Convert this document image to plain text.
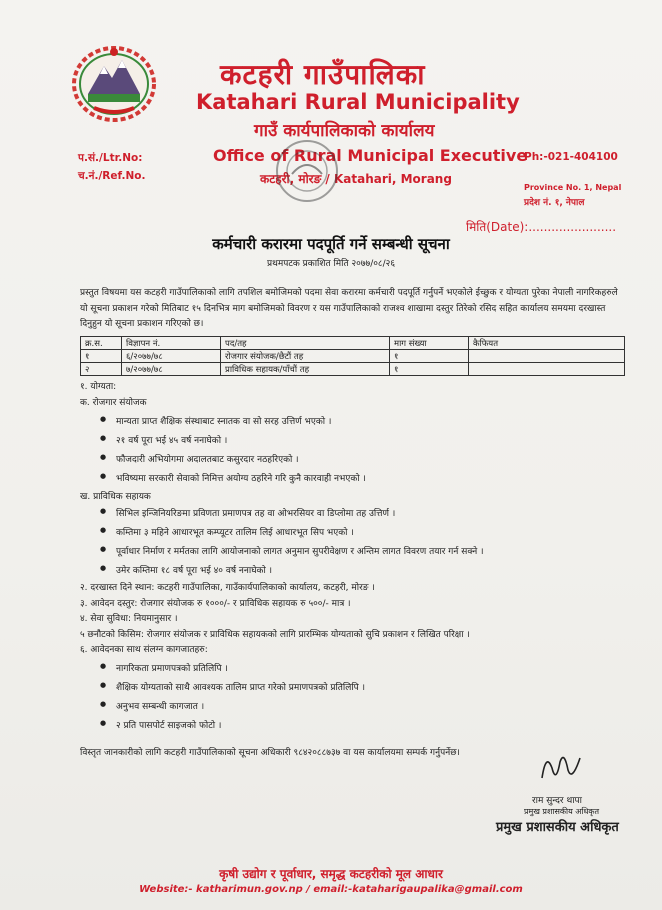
कटहरी गाउँपालिका
Katahari Rural Municipality
गाउँ कार्यपालिकाको कार्यालय
Office of Rural Municipal Executive
कटहरी, मोरङ / Katahari, Morang
प.सं./Ltr.No:
च.नं./Ref.No.
Ph:-021-404100
Province No. 1, Nepal
प्रदेश नं. १, नेपाल
मिति(Date):.......................
कर्मचारी करारमा पदपूर्ति गर्ने सम्बन्धी सूचना
प्रथमपटक प्रकाशित मिति २०७७/०८/२६
प्रस्तुत विषयमा यस कटहरी गाउँपालिकाको लागि तपशिल बमोजिमको पदमा सेवा करारमा कर्मचारी पदपूर्ति गर्नुपर्ने भएकोले ईच्छुक र योग्यता पुरेका नेपाली नागरिकहरुले यो सूचना प्रकाशन गरेको मितिबाट १५ दिनभित्र माग बमोजिमको विवरण र यस गाउँपालिकाको राजश्व शाखामा दस्तुर तिरेको रसिद सहित कार्यालय समयमा दरखास्त दिनुहुन यो सूचना प्रकाशन गरिएको छ।
क्र.स.	विज्ञापन नं.	पद/तह	माग संख्या	कैफियत
१	६/२०७७/७८	रोजगार संयोजक/छैटौं तह	१	
२	७/२०७७/७८	प्राविधिक सहायक/पाँचौं तह	१	
१. योग्यता:
क. रोजगार संयोजक
● मान्यता प्राप्त शैक्षिक संस्थाबाट स्नातक वा सो सरह उत्तिर्ण भएको ।
● २१ वर्ष पूरा भई ४५ वर्ष ननाघेको ।
● फौजदारी अभियोगमा अदालतबाट कसुरदार नठहरिएको ।
● भविष्यमा सरकारी सेवाको निमित्त अयोग्य ठहरिने गरि कुनै कारवाही नभएको ।
ख. प्राविधिक सहायक
● सिभिल इन्जिनियरिङमा प्रविणता प्रमाणपत्र तह वा ओभरसियर वा डिप्लोमा तह उत्तिर्ण ।
● कम्तिमा ३ महिने आधारभूत कम्प्यूटर तालिम लिई आधारभूत सिप भएको ।
● पूर्वाधार निर्माण र मर्मतका लागि आयोजनाको लागत अनुमान सुपरीवेक्षण र अन्तिम लागत विवरण तयार गर्न सक्ने ।
● उमेर कम्तिमा १८ वर्ष पूरा भई ४० वर्ष ननाघेको ।
२. दरखास्त दिने स्थान: कटहरी गाउँपालिका, गाउँकार्यपालिकाको कार्यालय, कटहरी, मोरङ ।
३. आवेदन दस्तुर: रोजगार संयोजक रु १०००/- र प्राविधिक सहायक रु ५००/- मात्र ।
४. सेवा सुविधा: नियमानुसार ।
५ छनौटको किसिम: रोजगार संयोजक र प्राविधिक सहायकको लागि प्रारम्भिक योग्यताको सुचि प्रकाशन र लिखित परिक्षा ।
६. आवेदनका साथ संलग्न कागजातहरु:
● नागरिकता प्रमाणपत्रको प्रतिलिपि ।
● शैक्षिक योग्यताको साथै आवश्यक तालिम प्राप्त गरेको प्रमाणपत्रको प्रतिलिपि ।
● अनुभव सम्बन्धी कागजात ।
● २ प्रति पासपोर्ट साइजको फोटो ।
विस्तृत जानकारीको लागि कटहरी गाउँपालिकाको सूचना अधिकारी ९८४२०८८७३७ वा यस कार्यालयमा सम्पर्क गर्नुपर्नेछ।
राम सुन्दर थापा
प्रमुख प्रशासकीय अधिकृत
प्रमुख प्रशासकीय अधिकृत
कृषी उद्योग र पूर्वाधार, समृद्ध कटहरीको मूल आधार
Website:- katharimun.gov.np / email:-kataharigaupalika@gmail.com
